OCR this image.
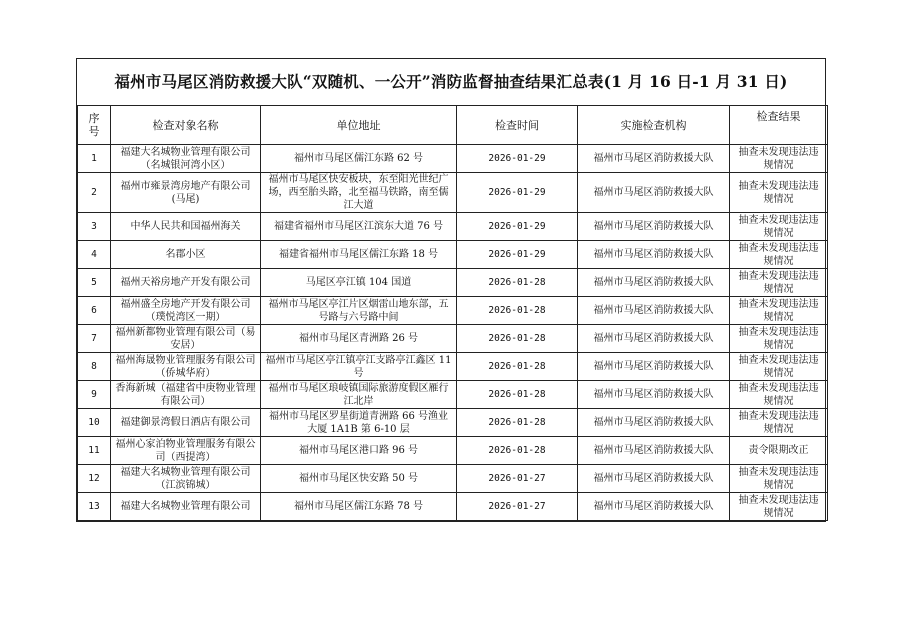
福州市马尾区消防救援大队“双随机、一公开”消防监督抽查结果汇总表(1 月 16 日-1 月 31 日)
序号	检查对象名称	单位地址	检查时间	实施检查机构	检查结果
1	福建大名城物业管理有限公司（名城银河湾小区）	福州市马尾区儒江东路 62 号	2026-01-29	福州市马尾区消防救援大队	抽查未发现违法违规情况
2	福州市雍景湾房地产有限公司(马尾)	福州市马尾区快安板块，东至阳光世纪广场，西至胎头路，北至福马铁路，南至儒江大道	2026-01-29	福州市马尾区消防救援大队	抽查未发现违法违规情况
3	中华人民共和国福州海关	福建省福州市马尾区江滨东大道 76 号	2026-01-29	福州市马尾区消防救援大队	抽查未发现违法违规情况
4	名郡小区	福建省福州市马尾区儒江东路 18 号	2026-01-29	福州市马尾区消防救援大队	抽查未发现违法违规情况
5	福州天裕房地产开发有限公司	马尾区亭江镇 104 国道	2026-01-28	福州市马尾区消防救援大队	抽查未发现违法违规情况
6	福州盛全房地产开发有限公司（璞悦湾区一期）	福州市马尾区亭江片区烟雷山地东部，五号路与六号路中间	2026-01-28	福州市马尾区消防救援大队	抽查未发现违法违规情况
7	福州新都物业管理有限公司（易安居）	福州市马尾区青洲路 26 号	2026-01-28	福州市马尾区消防救援大队	抽查未发现违法违规情况
8	福州海晟物业管理服务有限公司（侨城华府）	福州市马尾区亭江镇亭江支路亭江鑫区 11 号	2026-01-28	福州市马尾区消防救援大队	抽查未发现违法违规情况
9	香海新城（福建省中庚物业管理有限公司）	福州市马尾区琅岐镇国际旅游度假区雁行江北岸	2026-01-28	福州市马尾区消防救援大队	抽查未发现违法违规情况
10	福建御景湾假日酒店有限公司	福州市马尾区罗星街道青洲路 66 号渔业大厦 1A1B 第 6-10 层	2026-01-28	福州市马尾区消防救援大队	抽查未发现违法违规情况
11	福州心家泊物业管理服务有限公司（西提湾）	福州市马尾区港口路 96 号	2026-01-28	福州市马尾区消防救援大队	责令限期改正
12	福建大名城物业管理有限公司（江滨锦城）	福州市马尾区快安路 50 号	2026-01-27	福州市马尾区消防救援大队	抽查未发现违法违规情况
13	福建大名城物业管理有限公司	福州市马尾区儒江东路 78 号	2026-01-27	福州市马尾区消防救援大队	抽查未发现违法违规情况
